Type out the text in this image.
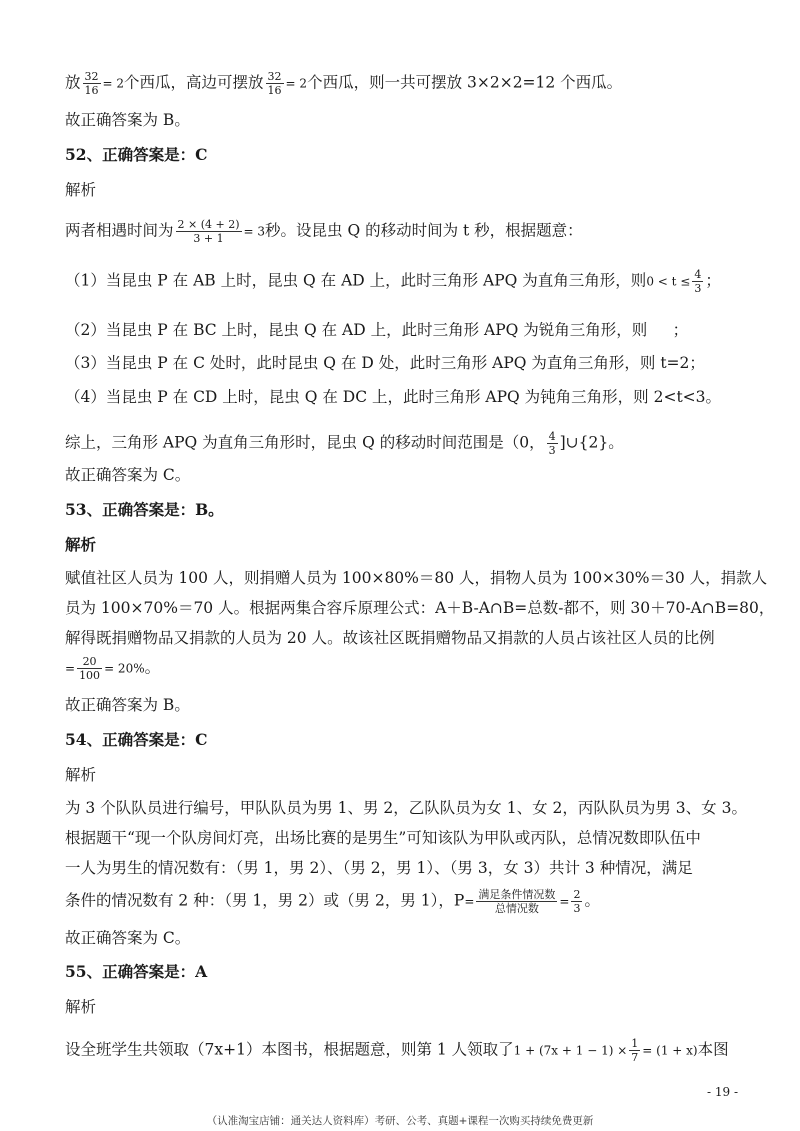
放 $\frac{32}{16} = 2$个西瓜，高边可摆放 $\frac{32}{16} = 2$个西瓜，则一共可摆放 3×2×2=12 个西瓜。
故正确答案为 B。
52、正确答案是：C
解析
两者相遇时间为 $\frac{2 \times (4 + 2)}{3 + 1} = 3$秒。设昆虫 Q 的移动时间为 t 秒，根据题意：
（1）当昆虫 P 在 AB 上时，昆虫 Q 在 AD 上，此时三角形 APQ 为直角三角形，则$0 < t \le \frac{4}{3}$ ；
（2）当昆虫 P 在 BC 上时，昆虫 Q 在 AD 上，此时三角形 APQ 为锐角三角形，则 　 ；
（3）当昆虫 P 在 C 处时，此时昆虫 Q 在 D 处，此时三角形 APQ 为直角三角形，则 t=2；
（4）当昆虫 P 在 CD 上时，昆虫 Q 在 DC 上，此时三角形 APQ 为钝角三角形，则 2<t<3。
综上，三角形 APQ 为直角三角形时，昆虫 Q 的移动时间范围是（0， $\frac{4}{3}$ ]∪{2}。
故正确答案为 C。
53、正确答案是：B。
解析
赋值社区人员为 100 人，则捐赠人员为 100×80%＝80 人，捐物人员为 100×30%＝30 人，捐款人
员为 100×70%＝70 人。根据两集合容斥原理公式：A＋B-A∩B=总数-都不，则 30＋70-A∩B=80，
解得既捐赠物品又捐款的人员为 20 人。故该社区既捐赠物品又捐款的人员占该社区人员的比例
= $\frac{20}{100} = 20\%$。
故正确答案为 B。
54、正确答案是：C
解析
为 3 个队队员进行编号，甲队队员为男 1、男 2，乙队队员为女 1、女 2，丙队队员为男 3、女 3。
根据题干“现一个队房间灯亮，出场比赛的是男生”可知该队为甲队或丙队，总情况数即队伍中
一人为男生的情况数有：（男 1，男 2）、（男 2，男 1）、（男 3，女 3）共计 3 种情况，满足
条件的情况数有 2 种：（男 1，男 2）或（男 2，男 1），$P= \frac{\text{满足条件情况数}}{\text{总情况数}} = \frac{2}{3}$ 。
故正确答案为 C。
55、正确答案是：A
解析
设全班学生共领取（7x+1）本图书，根据题意，则第 1 人领取了$1 + (7x + 1 - 1) \times \frac{1}{7} = (1 + x)$本图
- 19 -
（认准淘宝店铺：通关达人资料库）考研、公考、真题+课程一次购买持续免费更新
